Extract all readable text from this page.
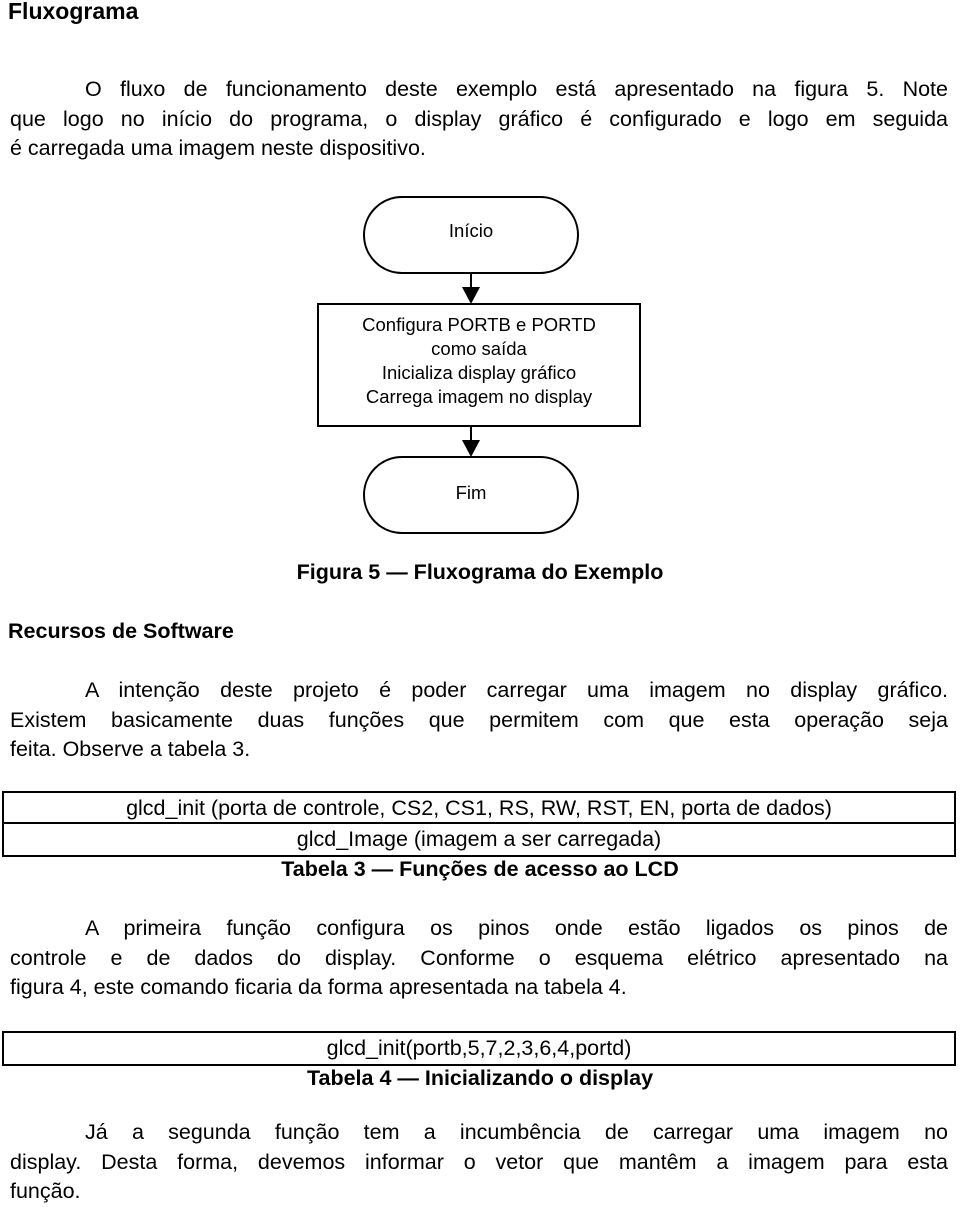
Fluxograma
O fluxo de funcionamento deste exemplo está apresentado na figura 5. Note
que logo no início do programa, o display gráfico é configurado e logo em seguida
é carregada uma imagem neste dispositivo.
Início
Configura PORTB e PORTD
como saída
Inicializa display gráfico
Carrega imagem no display
Fim
Figura 5 — Fluxograma do Exemplo
Recursos de Software
A intenção deste projeto é poder carregar uma imagem no display gráfico.
Existem basicamente duas funções que permitem com que esta operação seja
feita. Observe a tabela 3.
glcd_init (porta de controle, CS2, CS1, RS, RW, RST, EN, porta de dados)
glcd_Image (imagem a ser carregada)
Tabela 3 — Funções de acesso ao LCD
A primeira função configura os pinos onde estão ligados os pinos de
controle e de dados do display. Conforme o esquema elétrico apresentado na
figura 4, este comando ficaria da forma apresentada na tabela 4.
glcd_init(portb,5,7,2,3,6,4,portd)
Tabela 4 — Inicializando o display
Já a segunda função tem a incumbência de carregar uma imagem no
display. Desta forma, devemos informar o vetor que mantêm a imagem para esta
função.
